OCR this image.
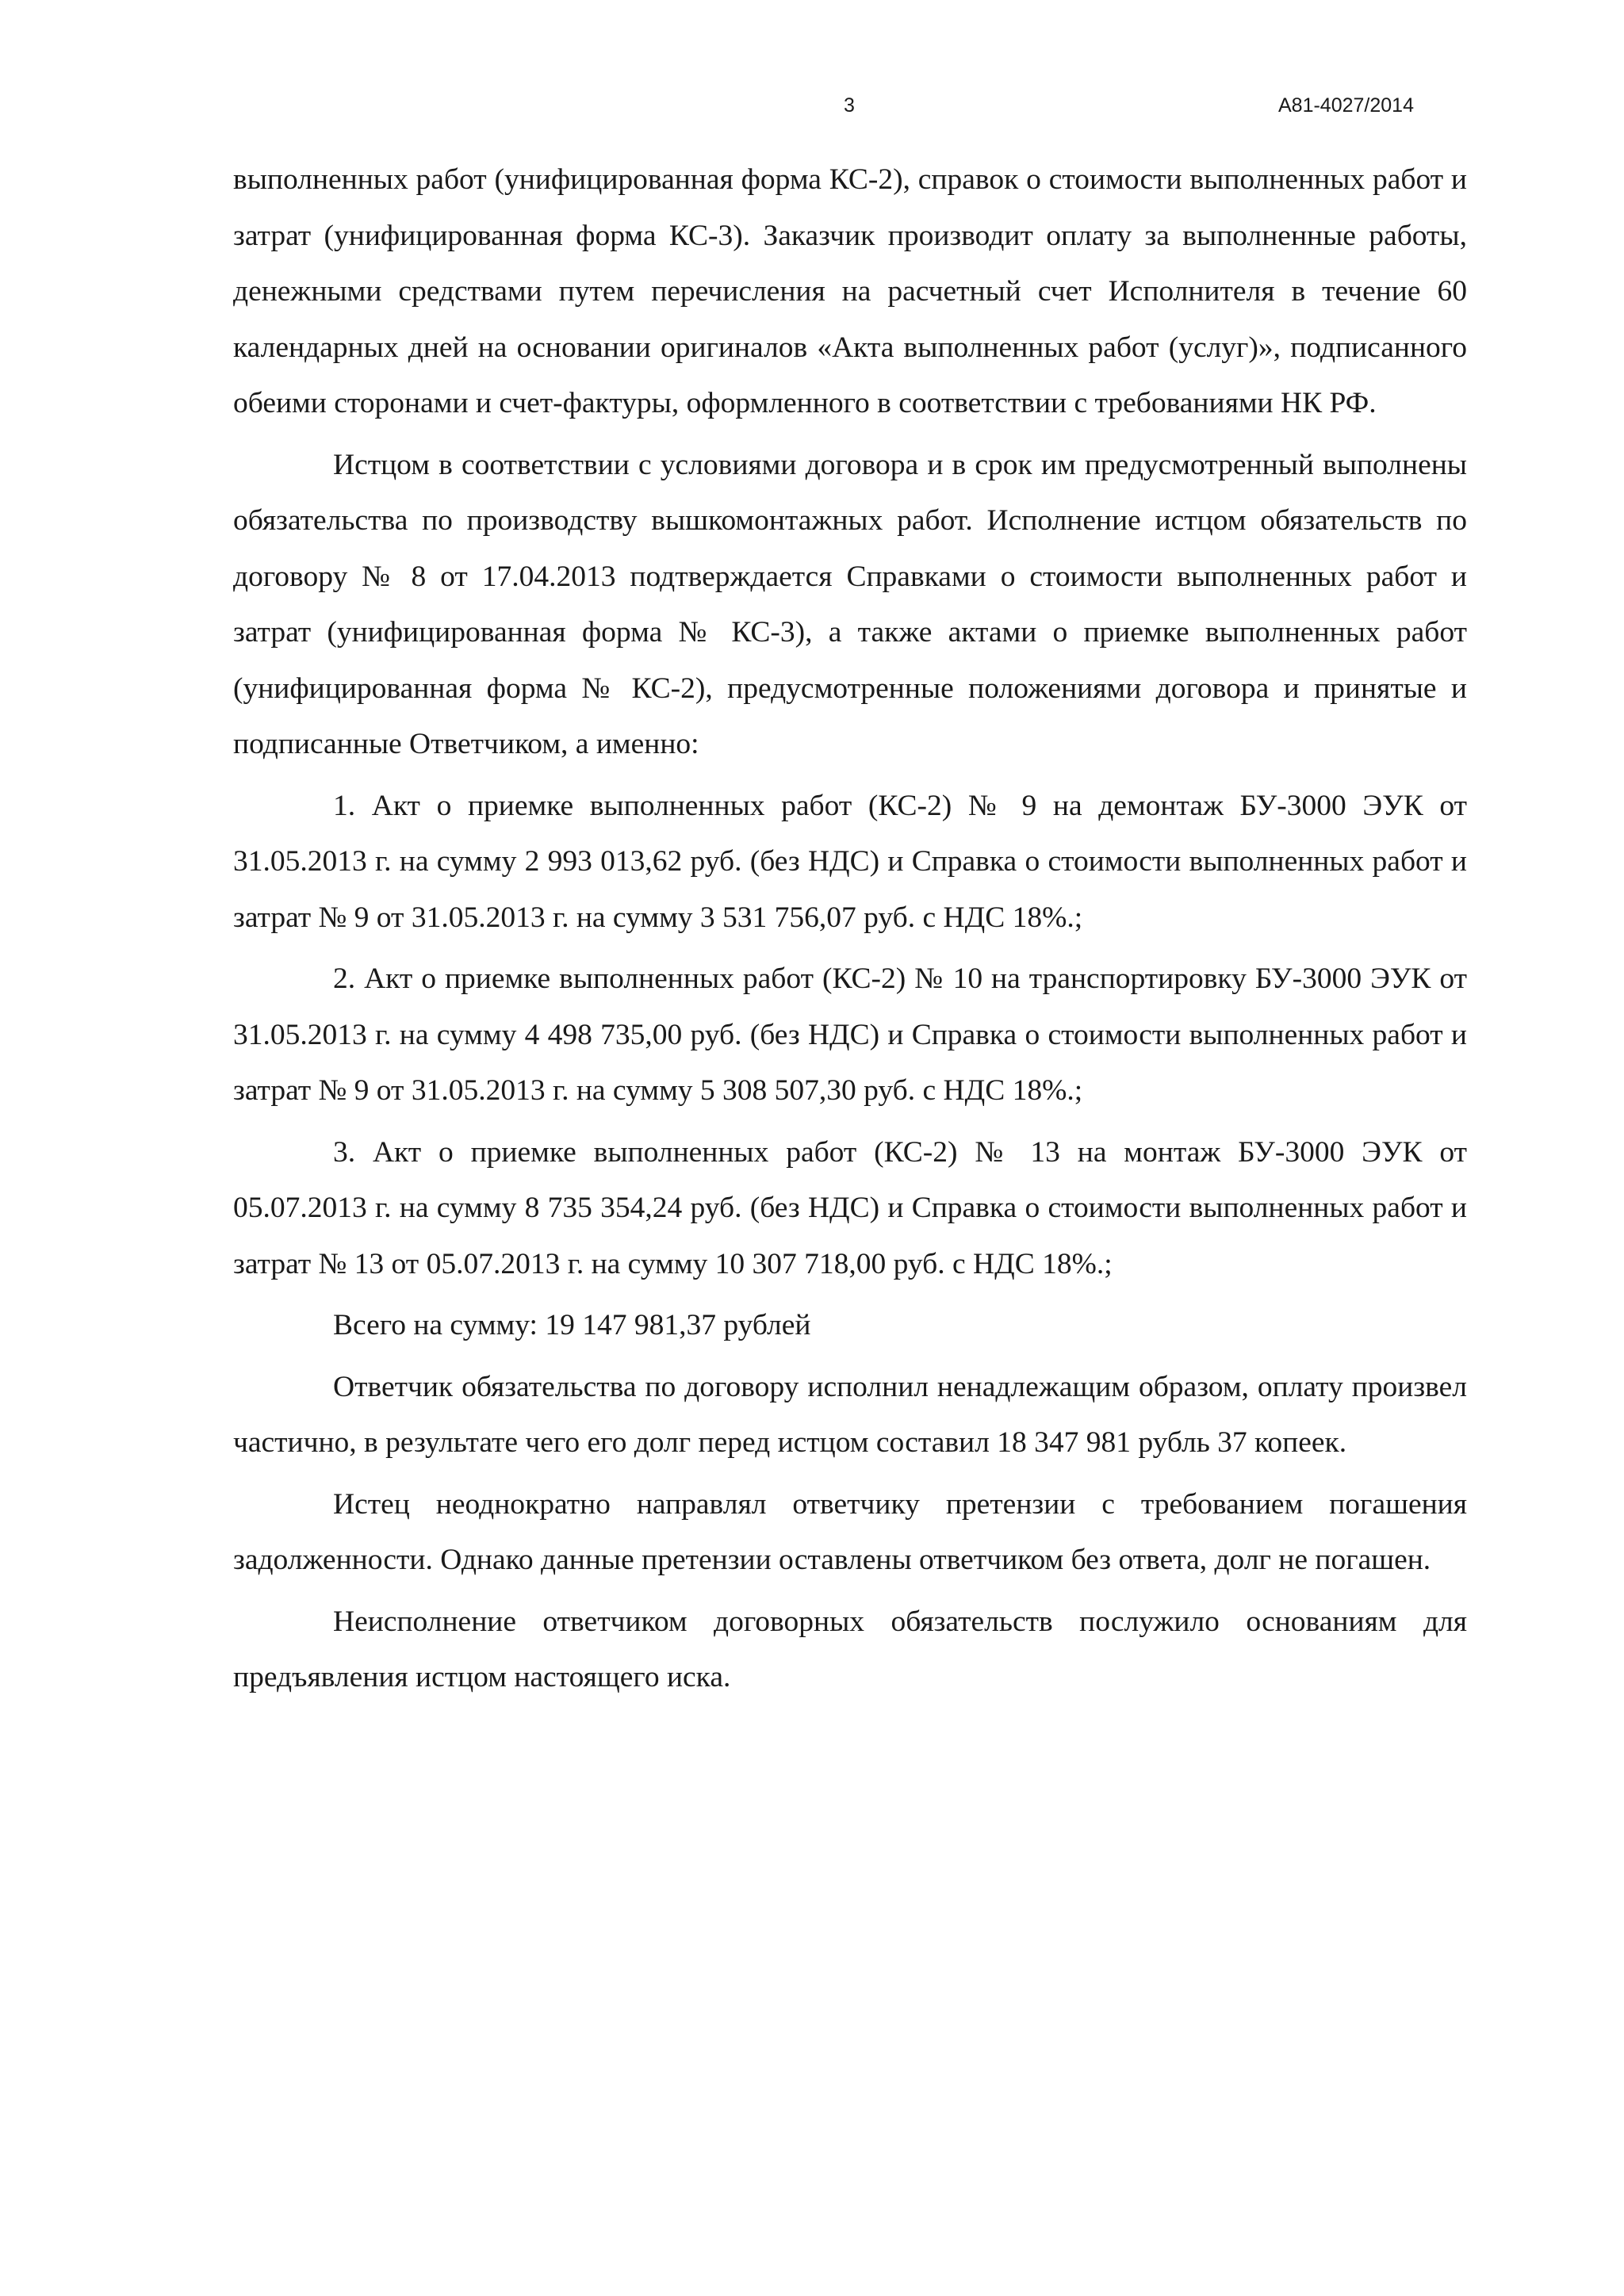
3	А81-4027/2014

выполненных работ (унифицированная форма КС-2), справок о стоимости выполненных работ и затрат (унифицированная форма КС-3). Заказчик производит оплату за выполненные работы, денежными средствами путем перечисления на расчетный счет Исполнителя в течение 60 календарных дней на основании оригиналов «Акта выполненных работ (услуг)», подписанного обеими сторонами и счет-фактуры, оформленного в соответствии с требованиями НК РФ.

Истцом в соответствии с условиями договора и в срок им предусмотренный выполнены обязательства по производству вышкомонтажных работ. Исполнение истцом обязательств по договору № 8 от 17.04.2013 подтверждается Справками о стоимости выполненных работ и затрат (унифицированная форма № КС-3), а также актами о приемке выполненных работ (унифицированная форма № КС-2), предусмотренные положениями договора и принятые и подписанные Ответчиком, а именно:

1. Акт о приемке выполненных работ (КС-2) № 9 на демонтаж БУ-3000 ЭУК от 31.05.2013 г. на сумму 2 993 013,62 руб. (без НДС) и Справка о стоимости выполненных работ и затрат № 9 от 31.05.2013 г. на сумму 3 531 756,07 руб. с НДС 18%.;

2. Акт о приемке выполненных работ (КС-2) № 10 на транспортировку БУ-3000 ЭУК от 31.05.2013 г. на сумму 4 498 735,00 руб. (без НДС) и Справка о стоимости выполненных работ и затрат № 9 от 31.05.2013 г. на сумму 5 308 507,30 руб. с НДС 18%.;

3. Акт о приемке выполненных работ (КС-2) № 13 на монтаж БУ-3000 ЭУК от 05.07.2013 г. на сумму 8 735 354,24 руб. (без НДС) и Справка о стоимости выполненных работ и затрат № 13 от 05.07.2013 г. на сумму 10 307 718,00 руб. с НДС 18%.;

Всего на сумму: 19 147 981,37 рублей

Ответчик обязательства по договору исполнил ненадлежащим образом, оплату произвел частично, в результате чего его долг перед истцом составил 18 347 981 рубль 37 копеек.

Истец неоднократно направлял ответчику претензии с требованием погашения задолженности. Однако данные претензии оставлены ответчиком без ответа, долг не погашен.

Неисполнение ответчиком договорных обязательств послужило основаниям для предъявления истцом настоящего иска.
